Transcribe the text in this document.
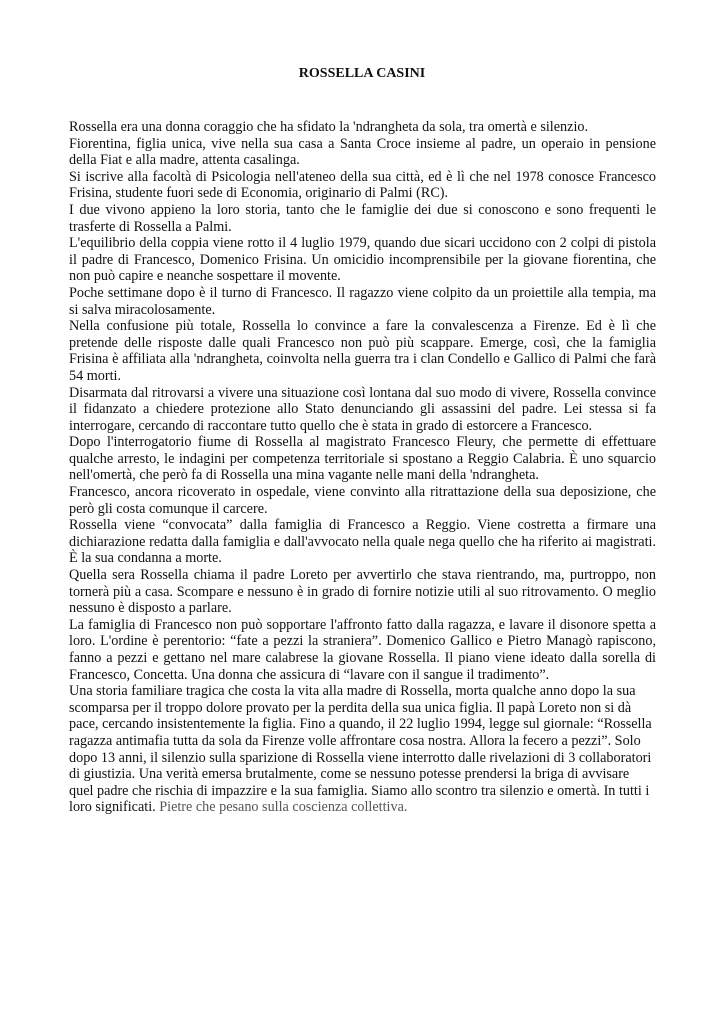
ROSSELLA CASINI

Rossella era una donna coraggio che ha sfidato la 'ndrangheta da sola, tra omertà e silenzio.

Fiorentina, figlia unica, vive nella sua casa a Santa Croce insieme al padre, un operaio in pensione della Fiat e alla madre, attenta casalinga.

Si iscrive alla facoltà di Psicologia nell'ateneo della sua città, ed è lì che nel 1978 conosce Francesco Frisina, studente fuori sede di Economia, originario di Palmi (RC).

I due vivono appieno la loro storia, tanto che le famiglie dei due si conoscono e sono frequenti le trasferte di Rossella a Palmi.

L'equilibrio della coppia viene rotto il 4 luglio 1979, quando due sicari uccidono con 2 colpi di pistola il padre di Francesco, Domenico Frisina. Un omicidio incomprensibile per la giovane fiorentina, che non può capire e neanche sospettare il movente.

Poche settimane dopo è il turno di Francesco. Il ragazzo viene colpito da un proiettile alla tempia, ma si salva miracolosamente.

Nella confusione più totale, Rossella lo convince a fare la convalescenza a Firenze. Ed è lì che pretende delle risposte dalle quali Francesco non può più scappare. Emerge, così, che la famiglia Frisina è affiliata alla 'ndrangheta, coinvolta nella guerra tra i clan Condello e Gallico di Palmi che farà 54 morti.

Disarmata dal ritrovarsi a vivere una situazione così lontana dal suo modo di vivere, Rossella convince il fidanzato a chiedere protezione allo Stato denunciando gli assassini del padre. Lei stessa si fa interrogare, cercando di raccontare tutto quello che è stata in grado di estorcere a Francesco.

Dopo l'interrogatorio fiume di Rossella al magistrato Francesco Fleury, che permette di effettuare qualche arresto, le indagini per competenza territoriale si spostano a Reggio Calabria. È uno squarcio nell'omertà, che però fa di Rossella una mina vagante nelle mani della 'ndrangheta.

Francesco, ancora ricoverato in ospedale, viene convinto alla ritrattazione della sua deposizione, che però gli costa comunque il carcere.

Rossella viene “convocata” dalla famiglia di Francesco a Reggio. Viene costretta a firmare una dichiarazione redatta dalla famiglia e dall'avvocato nella quale nega quello che ha riferito ai magistrati. È la sua condanna a morte.

Quella sera Rossella chiama il padre Loreto per avvertirlo che stava rientrando, ma, purtroppo, non tornerà più a casa. Scompare e nessuno è in grado di fornire notizie utili al suo ritrovamento. O meglio nessuno è disposto a parlare.

La famiglia di Francesco non può sopportare l'affronto fatto dalla ragazza, e lavare il disonore spetta a loro. L'ordine è perentorio: “fate a pezzi la straniera”. Domenico Gallico e Pietro Managò rapiscono, fanno a pezzi e gettano nel mare calabrese la giovane Rossella. Il piano viene ideato dalla sorella di Francesco, Concetta. Una donna che assicura di “lavare con il sangue il tradimento”.

Una storia familiare tragica che costa la vita alla madre di Rossella, morta qualche anno dopo la sua scomparsa per il troppo dolore provato per la perdita della sua unica figlia. Il papà Loreto non si dà pace, cercando insistentemente la figlia. Fino a quando, il 22 luglio 1994, legge sul giornale: “Rossella ragazza antimafia tutta da sola da Firenze volle affrontare cosa nostra. Allora la fecero a pezzi”. Solo dopo 13 anni, il silenzio sulla sparizione di Rossella viene interrotto dalle rivelazioni di 3 collaboratori di giustizia. Una verità emersa brutalmente, come se nessuno potesse prendersi la briga di avvisare quel padre che rischia di impazzire e la sua famiglia. Siamo allo scontro tra silenzio e omertà. In tutti i loro significati. Pietre che pesano sulla coscienza collettiva.
